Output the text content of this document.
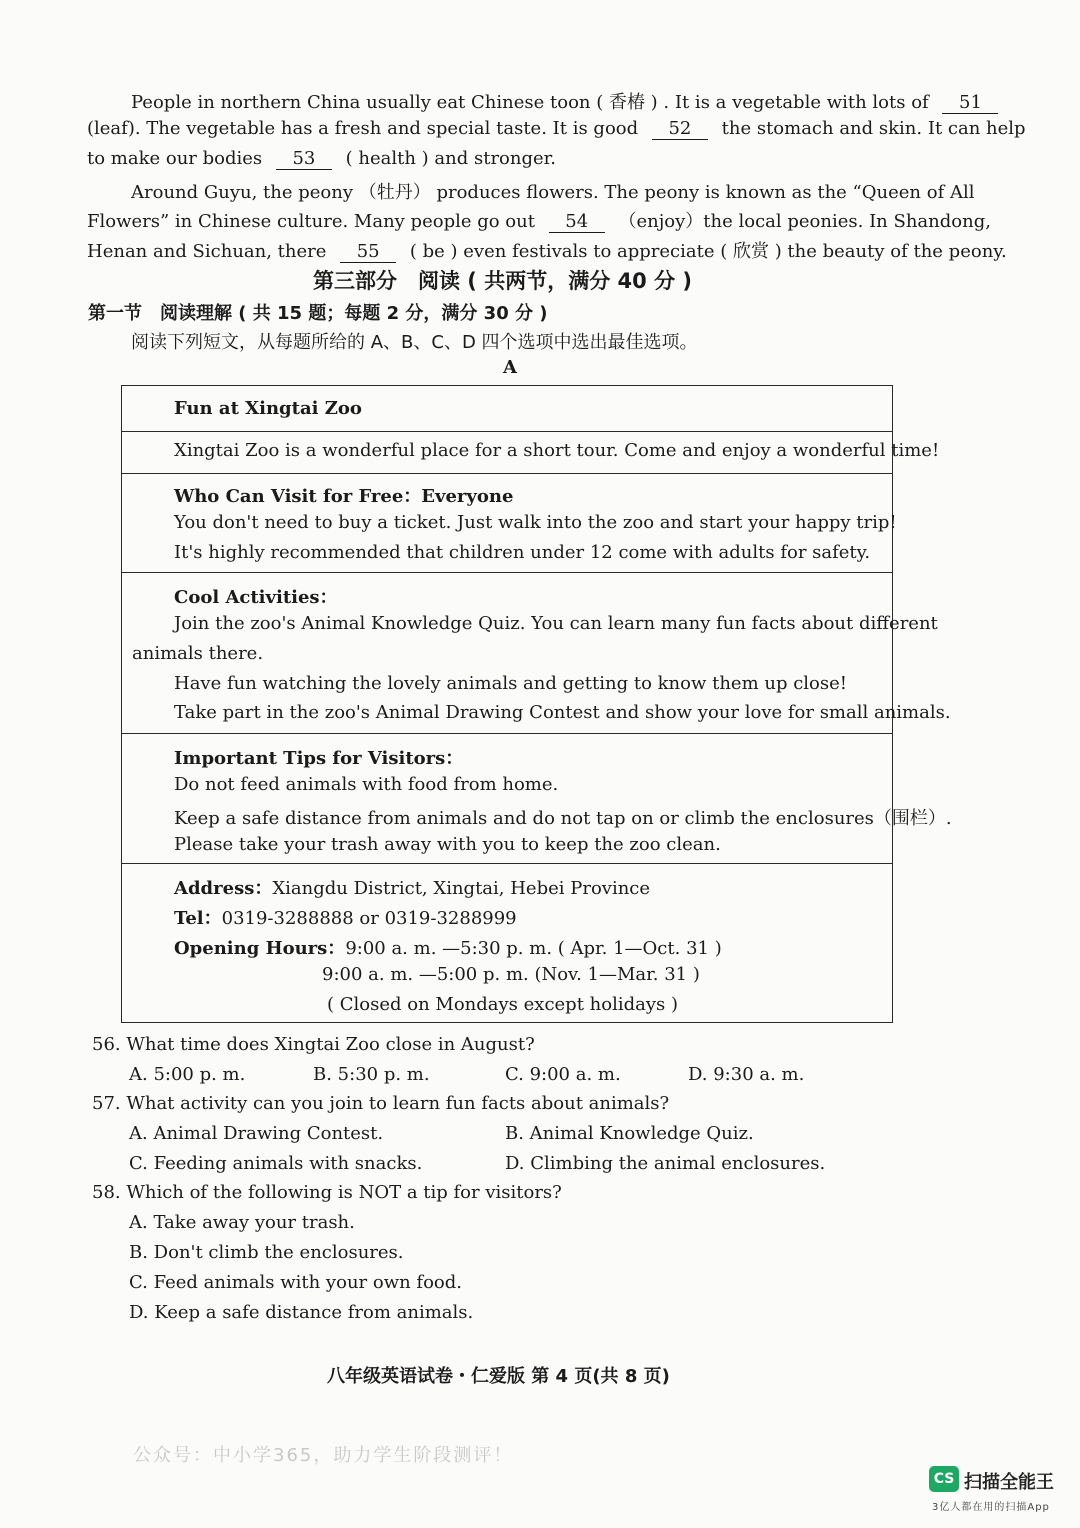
People in northern China usually eat Chinese toon ( 香椿 ) . It is a vegetable with lots of 51
(leaf). The vegetable has a fresh and special taste. It is good 52 the stomach and skin. It can help
to make our bodies 53 ( health ) and stronger.
Around Guyu, the peony （牡丹） produces flowers. The peony is known as the “Queen of All
Flowers” in Chinese culture. Many people go out 54 （enjoy）the local peonies. In Shandong,
Henan and Sichuan, there 55 ( be ) even festivals to appreciate ( 欣赏 ) the beauty of the peony.
第三部分　阅读 ( 共两节，满分 40 分 )
第一节　阅读理解 ( 共 15 题；每题 2 分，满分 30 分 )
阅读下列短文，从每题所给的 A、B、C、D 四个选项中选出最佳选项。
A
Fun at Xingtai Zoo
Xingtai Zoo is a wonderful place for a short tour. Come and enjoy a wonderful time!
Who Can Visit for Free：Everyone
You don't need to buy a ticket. Just walk into the zoo and start your happy trip!
It's highly recommended that children under 12 come with adults for safety.
Cool Activities：
Join the zoo's Animal Knowledge Quiz. You can learn many fun facts about different
animals there.
Have fun watching the lovely animals and getting to know them up close!
Take part in the zoo's Animal Drawing Contest and show your love for small animals.
Important Tips for Visitors：
Do not feed animals with food from home.
Keep a safe distance from animals and do not tap on or climb the enclosures（围栏）.
Please take your trash away with you to keep the zoo clean.
Address：Xiangdu District, Xingtai, Hebei Province
Tel：0319-3288888 or 0319-3288999
Opening Hours：9:00 a. m. —5:30 p. m. ( Apr. 1—Oct. 31 )
9:00 a. m. —5:00 p. m. (Nov. 1—Mar. 31 )
( Closed on Mondays except holidays )
56. What time does Xingtai Zoo close in August?
A. 5:00 p. m.	B. 5:30 p. m.	C. 9:00 a. m.	D. 9:30 a. m.
57. What activity can you join to learn fun facts about animals?
A. Animal Drawing Contest.	B. Animal Knowledge Quiz.
C. Feeding animals with snacks.	D. Climbing the animal enclosures.
58. Which of the following is NOT a tip for visitors?
A. Take away your trash.
B. Don't climb the enclosures.
C. Feed animals with your own food.
D. Keep a safe distance from animals.
八年级英语试卷・仁爱版 第 4 页(共 8 页)
公众号：中小学365，助力学生阶段测评！
CS 扫描全能王
3亿人都在用的扫描App
